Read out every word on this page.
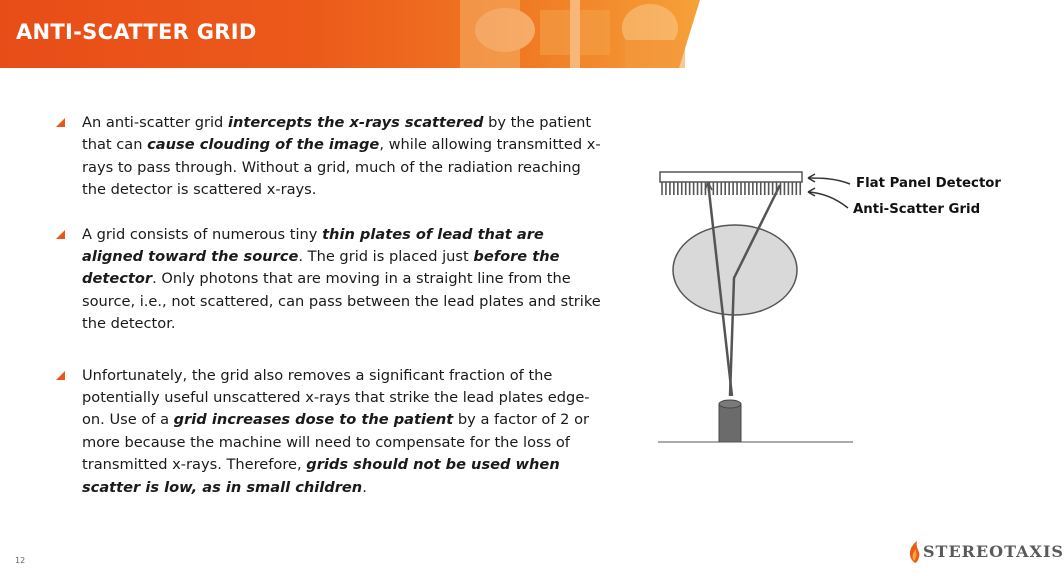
ANTI-SCATTER GRID
An anti-scatter grid intercepts the x-rays scattered by the patient that can cause clouding of the image, while allowing transmitted x-rays to pass through. Without a grid, much of the radiation reaching the detector is scattered x-rays.
A grid consists of numerous tiny thin plates of lead that are aligned toward the source. The grid is placed just before the detector. Only photons that are moving in a straight line from the source, i.e., not scattered, can pass between the lead plates and strike the detector.
Unfortunately, the grid also removes a significant fraction of the potentially useful unscattered x-rays that strike the lead plates edge-on. Use of a grid increases dose to the patient by a factor of 2 or more because the machine will need to compensate for the loss of transmitted x-rays. Therefore, grids should not be used when scatter is low, as in small children.
Flat Panel Detector
Anti-Scatter Grid
12	STEREOTAXIS
